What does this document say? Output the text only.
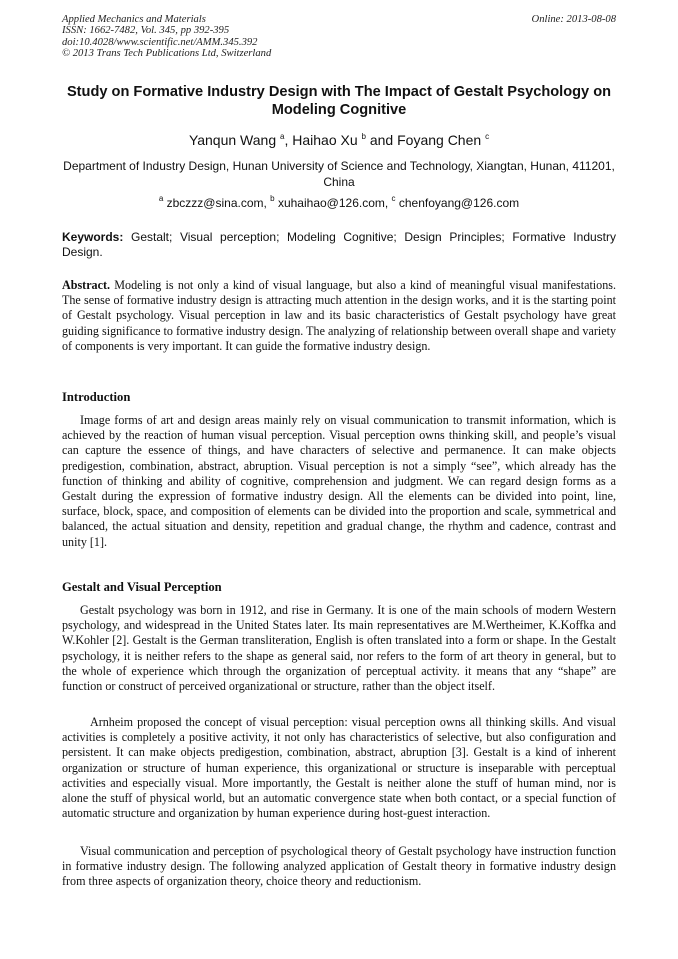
Applied Mechanics and Materials
ISSN: 1662-7482, Vol. 345, pp 392-395
doi:10.4028/www.scientific.net/AMM.345.392
© 2013 Trans Tech Publications Ltd, Switzerland
Online: 2013-08-08
Study on Formative Industry Design with The Impact of Gestalt Psychology on Modeling Cognitive
Yanqun Wang $^a$, Haihao Xu $^b$ and Foyang Chen $^c$
Department of Industry Design, Hunan University of Science and Technology, Xiangtan, Hunan, 411201, China
$^a$ zbczzz@sina.com, $^b$ xuhaihao@126.com, $^c$ chenfoyang@126.com
Keywords: Gestalt; Visual perception; Modeling Cognitive; Design Principles; Formative Industry Design.
Abstract. Modeling is not only a kind of visual language, but also a kind of meaningful visual manifestations. The sense of formative industry design is attracting much attention in the design works, and it is the starting point of Gestalt psychology. Visual perception in law and its basic characteristics of Gestalt psychology have great guiding significance to formative industry design. The analyzing of relationship between overall shape and variety of components is very important. It can guide the formative industry design.
Introduction
Image forms of art and design areas mainly rely on visual communication to transmit information, which is achieved by the reaction of human visual perception. Visual perception owns thinking skill, and people’s visual can capture the essence of things, and have characters of selective and permanence. It can make objects predigestion, combination, abstract, abruption. Visual perception is not a simply “see”, which already has the function of thinking and ability of cognitive, comprehension and judgment. We can regard design forms as a Gestalt during the expression of formative industry design. All the elements can be divided into point, line, surface, block, space, and composition of elements can be divided into the proportion and scale, symmetrical and balanced, the actual situation and density, repetition and gradual change, the rhythm and cadence, contrast and unity [1].
Gestalt and Visual Perception
Gestalt psychology was born in 1912, and rise in Germany. It is one of the main schools of modern Western psychology, and widespread in the United States later. Its main representatives are M.Wertheimer, K.Koffka and W.Kohler [2]. Gestalt is the German transliteration, English is often translated into a form or shape. In the Gestalt psychology, it is neither refers to the shape as general said, nor refers to the form of art theory in general, but to the whole of experience which through the organization of perceptual activity. it means that any “shape” are function or construct of perceived organizational or structure, rather than the object itself.
Arnheim proposed the concept of visual perception: visual perception owns all thinking skills. And visual activities is completely a positive activity, it not only has characteristics of selective, but also configuration and persistent. It can make objects predigestion, combination, abstract, abruption [3]. Gestalt is a kind of inherent organization or structure of human experience, this organizational or structure is inseparable with perceptual activities and especially visual. More importantly, the Gestalt is neither alone the stuff of human mind, nor is alone the stuff of physical world, but an automatic convergence state when both contact, or a special function of automatic structure and organization by human experience during host-guest interaction.
Visual communication and perception of psychological theory of Gestalt psychology have instruction function in formative industry design. The following analyzed application of Gestalt theory in formative industry design from three aspects of organization theory, choice theory and reductionism.
